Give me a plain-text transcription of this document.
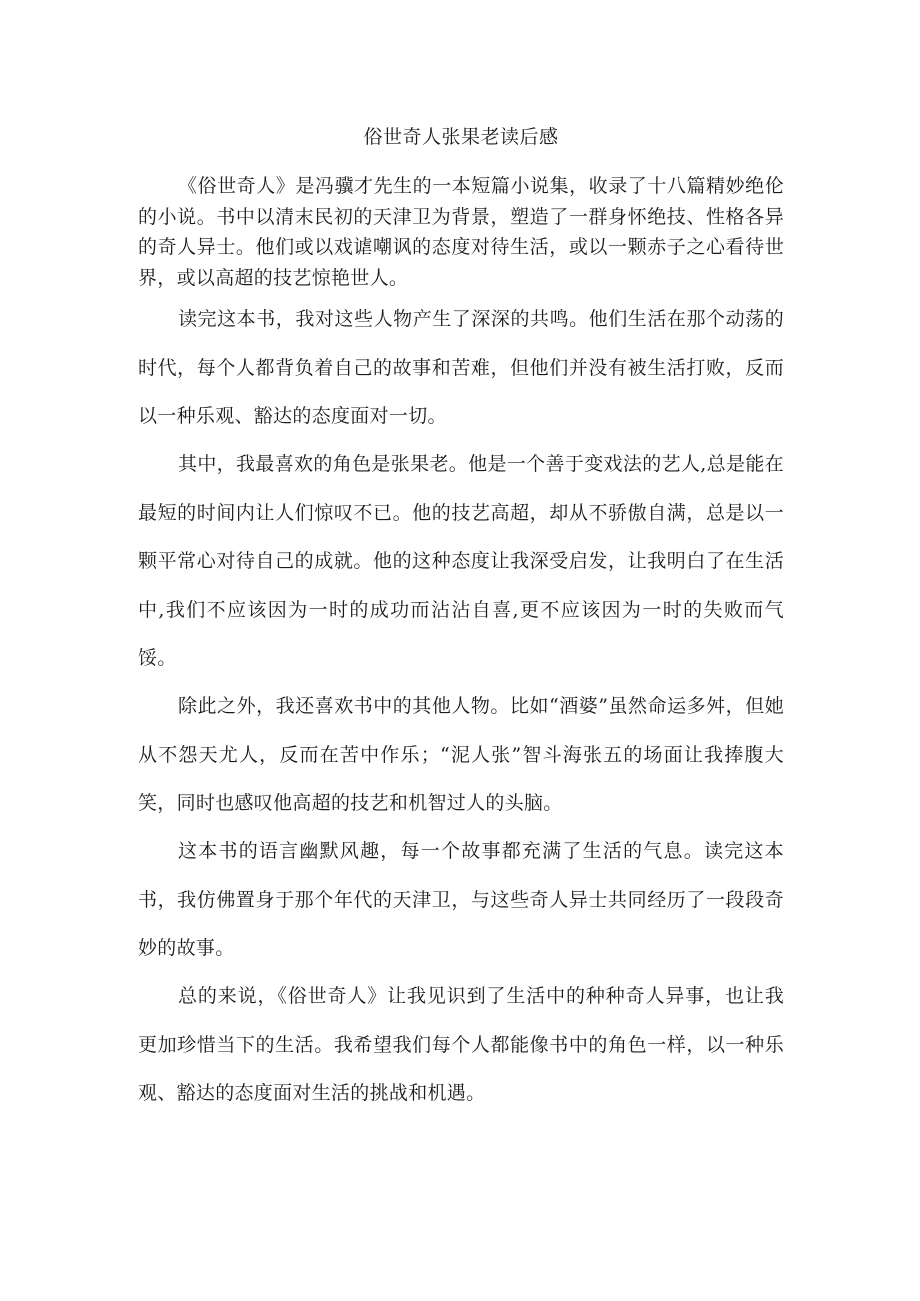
俗世奇人张果老读后感

《俗世奇人》是冯骥才先生的一本短篇小说集，收录了十八篇精妙绝伦的小说。书中以清末民初的天津卫为背景，塑造了一群身怀绝技、性格各异的奇人异士。他们或以戏谑嘲讽的态度对待生活，或以一颗赤子之心看待世界，或以高超的技艺惊艳世人。

读完这本书，我对这些人物产生了深深的共鸣。他们生活在那个动荡的时代，每个人都背负着自己的故事和苦难，但他们并没有被生活打败，反而以一种乐观、豁达的态度面对一切。

其中，我最喜欢的角色是张果老。他是一个善于变戏法的艺人,总是能在最短的时间内让人们惊叹不已。他的技艺高超，却从不骄傲自满，总是以一颗平常心对待自己的成就。他的这种态度让我深受启发，让我明白了在生活中,我们不应该因为一时的成功而沾沾自喜,更不应该因为一时的失败而气馁。

除此之外，我还喜欢书中的其他人物。比如“酒婆”虽然命运多舛，但她从不怨天尤人，反而在苦中作乐；“泥人张”智斗海张五的场面让我捧腹大笑，同时也感叹他高超的技艺和机智过人的头脑。

这本书的语言幽默风趣，每一个故事都充满了生活的气息。读完这本书，我仿佛置身于那个年代的天津卫，与这些奇人异士共同经历了一段段奇妙的故事。

总的来说，《俗世奇人》让我见识到了生活中的种种奇人异事，也让我更加珍惜当下的生活。我希望我们每个人都能像书中的角色一样，以一种乐观、豁达的态度面对生活的挑战和机遇。
